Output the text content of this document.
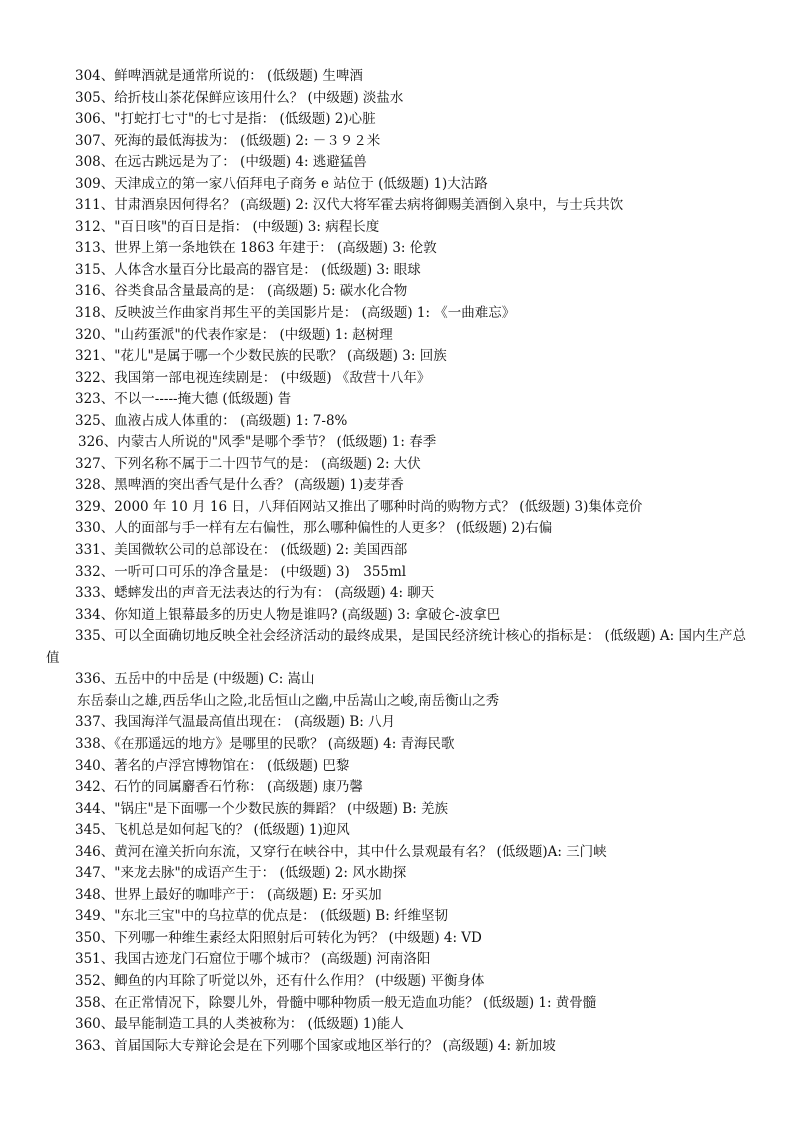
304、鲜啤酒就是通常所说的： (低级题) 生啤酒
305、给折枝山茶花保鲜应该用什么？ (中级题) 淡盐水
306、"打蛇打七寸"的七寸是指： (低级题) 2)心脏
307、死海的最低海拔为： (低级题) 2: －３９２米
308、在远古跳远是为了： (中级题) 4: 逃避猛兽
309、天津成立的第一家八佰拜电子商务 e 站位于 (低级题) 1)大沽路
311、甘肃酒泉因何得名？ (高级题) 2: 汉代大将军霍去病将御赐美酒倒入泉中，与士兵共饮
312、"百日咳"的百日是指： (中级题) 3: 病程长度
313、世界上第一条地铁在 1863 年建于： (高级题) 3: 伦敦
315、人体含水量百分比最高的器官是： (低级题) 3: 眼球
316、谷类食品含量最高的是： (高级题) 5: 碳水化合物
318、反映波兰作曲家肖邦生平的美国影片是： (高级题) 1: 《一曲难忘》
320、"山药蛋派"的代表作家是： (中级题) 1: 赵树理
321、"花儿"是属于哪一个少数民族的民歌？ (高级题) 3: 回族
322、我国第一部电视连续剧是： (中级题) 《敌营十八年》
323、不以一-----掩大德 (低级题) 眚
325、血液占成人体重的： (高级题) 1: 7-8%
326、内蒙古人所说的"风季"是哪个季节？ (低级题) 1: 春季
327、下列名称不属于二十四节气的是： (高级题) 2: 大伏
328、黑啤酒的突出香气是什么香？ (高级题) 1)麦芽香
329、2000 年 10 月 16 日，八拜佰网站又推出了哪种时尚的购物方式？ (低级题) 3)集体竞价
330、人的面部与手一样有左右偏性，那么哪种偏性的人更多？ (低级题) 2)右偏
331、美国微软公司的总部设在： (低级题) 2: 美国西部
332、一听可口可乐的净含量是： (中级题) 3)　355ml
333、蟋蟀发出的声音无法表达的行为有： (高级题) 4: 聊天
334、你知道上银幕最多的历史人物是谁吗? (高级题) 3: 拿破仑-波拿巴
335、可以全面确切地反映全社会经济活动的最终成果，是国民经济统计核心的指标是： (低级题) A: 国内生产总值
336、五岳中的中岳是 (中级题) C: 嵩山
东岳泰山之雄,西岳华山之险,北岳恒山之幽,中岳嵩山之峻,南岳衡山之秀
337、我国海洋气温最高值出现在： (高级题) B: 八月
338、《在那遥远的地方》是哪里的民歌？ (高级题) 4: 青海民歌
340、著名的卢浮宫博物馆在： (低级题) 巴黎
342、石竹的同属麝香石竹称： (高级题) 康乃馨
344、"锅庄"是下面哪一个少数民族的舞蹈？ (中级题) B: 羌族
345、飞机总是如何起飞的？ (低级题) 1)迎风
346、黄河在潼关折向东流，又穿行在峡谷中，其中什么景观最有名？ (低级题)A: 三门峡
347、"来龙去脉"的成语产生于： (低级题) 2: 风水勘探
348、世界上最好的咖啡产于： (高级题) E: 牙买加
349、"东北三宝"中的乌拉草的优点是： (低级题) B: 纤维坚韧
350、下列哪一种维生素经太阳照射后可转化为钙？ (中级题) 4: VD
351、我国古迹龙门石窟位于哪个城市？ (高级题) 河南洛阳
352、鲫鱼的内耳除了听觉以外，还有什么作用？ (中级题) 平衡身体
358、在正常情况下，除婴儿外，骨髓中哪种物质一般无造血功能？ (低级题) 1: 黄骨髓
360、最早能制造工具的人类被称为： (低级题) 1)能人
363、首届国际大专辩论会是在下列哪个国家或地区举行的？ (高级题) 4: 新加坡
